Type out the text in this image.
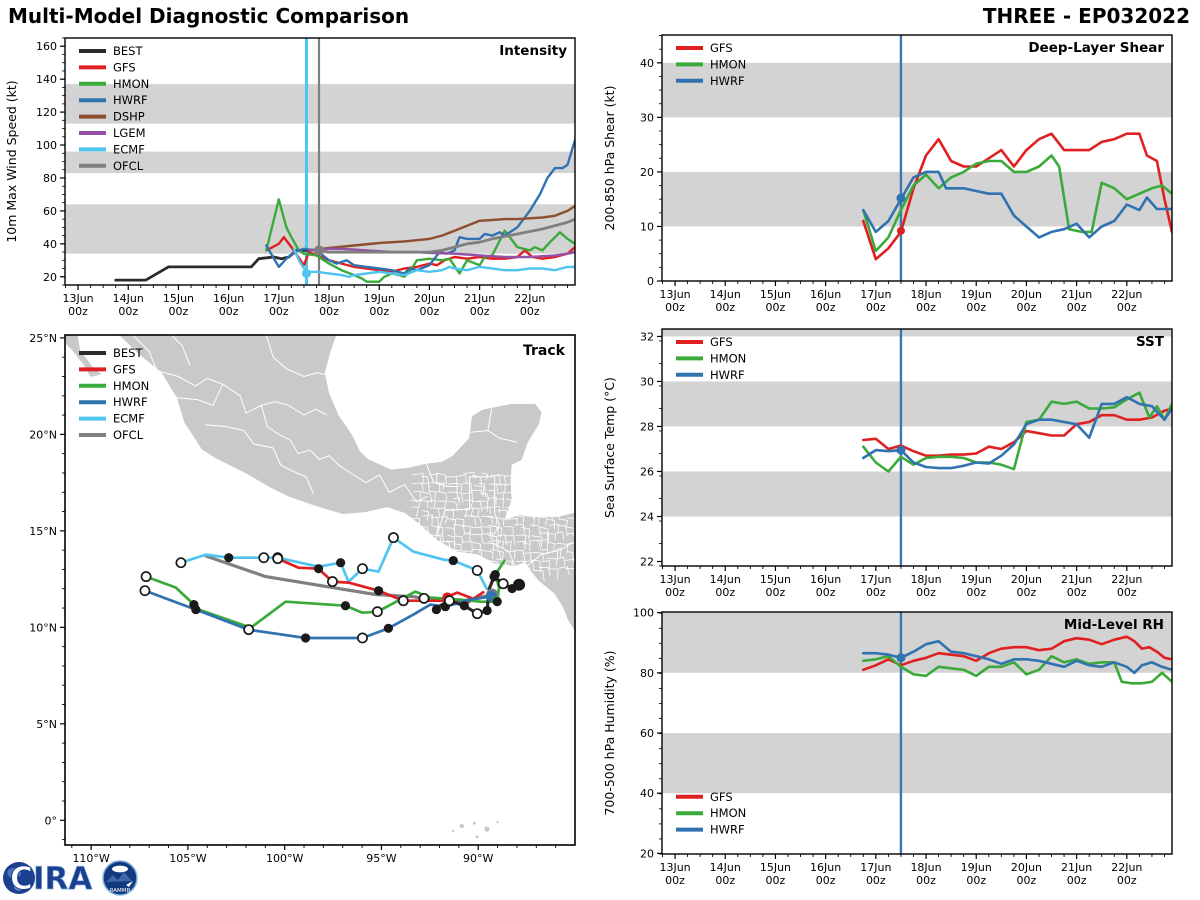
Multi-Model Diagnostic Comparison	THREE - EP032022
13Jun
00z
14Jun
00z
15Jun
00z
16Jun
00z
17Jun
00z
18Jun
00z
19Jun
00z
20Jun
00z
21Jun
00z
22Jun
00z
20
40
60
80
100
120
140
160
10m Max Wind Speed (kt)
Intensity
BEST
GFS
HMON
HWRF
DSHP
LGEM
ECMF
OFCL
13Jun
00z
14Jun
00z
15Jun
00z
16Jun
00z
17Jun
00z
18Jun
00z
19Jun
00z
20Jun
00z
21Jun
00z
22Jun
00z
0
10
20
30
40
200-850 hPa Shear (kt)
Deep-Layer Shear
GFS
HMON
HWRF
13Jun
00z
14Jun
00z
15Jun
00z
16Jun
00z
17Jun
00z
18Jun
00z
19Jun
00z
20Jun
00z
21Jun
00z
22Jun
00z
22
24
26
28
30
32
Sea Surface Temp (°C)
SST
GFS
HMON
HWRF
13Jun
00z
14Jun
00z
15Jun
00z
16Jun
00z
17Jun
00z
18Jun
00z
19Jun
00z
20Jun
00z
21Jun
00z
22Jun
00z
20
40
60
80
100
700-500 hPa Humidity (%)
Mid-Level RH
GFS
HMON
HWRF
110°W	105°W	100°W	95°W	90°W
0°
5°N
10°N
15°N
20°N
25°N
Track
BEST
GFS
HMON
HWRF
ECMF
OFCL
C IRA	RAMMB
